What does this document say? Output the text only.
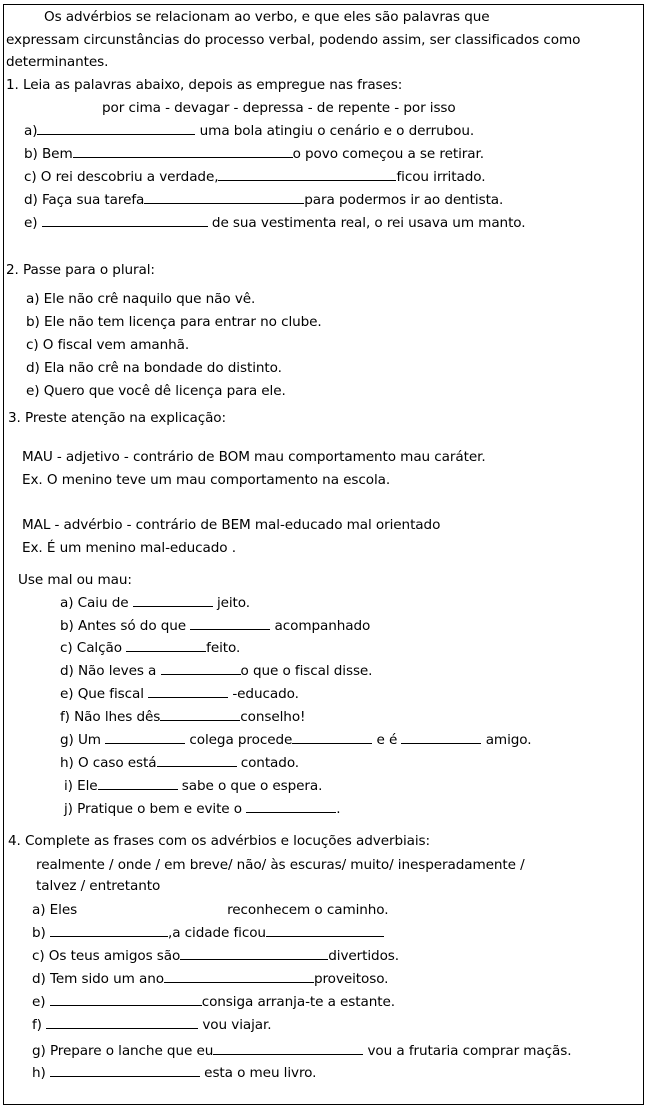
Os advérbios se relacionam ao verbo, e que eles são palavras que
expressam circunstâncias do processo verbal, podendo assim, ser classificados como
determinantes.
1. Leia as palavras abaixo, depois as empregue nas frases:
por cima - devagar - depressa - de repente - por isso
a)	uma bola atingiu o cenário e o derrubou.
b) Bem	o povo começou a se retirar.
c) O rei descobriu a verdade,	ficou irritado.
d) Faça sua tarefa	para podermos ir ao dentista.
e)	de sua vestimenta real, o rei usava um manto.
2. Passe para o plural:
a) Ele não crê naquilo que não vê.
b) Ele não tem licença para entrar no clube.
c) O fiscal vem amanhã.
d) Ela não crê na bondade do distinto.
e) Quero que você dê licença para ele.
3. Preste atenção na explicação:
MAU - adjetivo - contrário de BOM mau comportamento mau caráter.
Ex. O menino teve um mau comportamento na escola.
MAL - advérbio - contrário de BEM mal-educado mal orientado
Ex. É um menino mal-educado .
Use mal ou mau:
a) Caiu de	jeito.
b) Antes só do que	acompanhado
c) Calção	feito.
d) Não leves a	o que o fiscal disse.
e) Que fiscal	-educado.
f) Não lhes dês	conselho!
g) Um	colega procede	e é	amigo.
h) O caso está	contado.
i) Ele	sabe o que o espera.
j) Pratique o bem e evite o	.
4. Complete as frases com os advérbios e locuções adverbiais:
realmente / onde / em breve/ não/ às escuras/ muito/ inesperadamente /
talvez / entretanto
a) Eles	reconhecem o caminho.
b)	,a cidade ficou
c) Os teus amigos são	divertidos.
d) Tem sido um ano	proveitoso.
e)	consiga arranja-te a estante.
f)	vou viajar.
g) Prepare o lanche que eu	vou a frutaria comprar maçãs.
h)	esta o meu livro.
